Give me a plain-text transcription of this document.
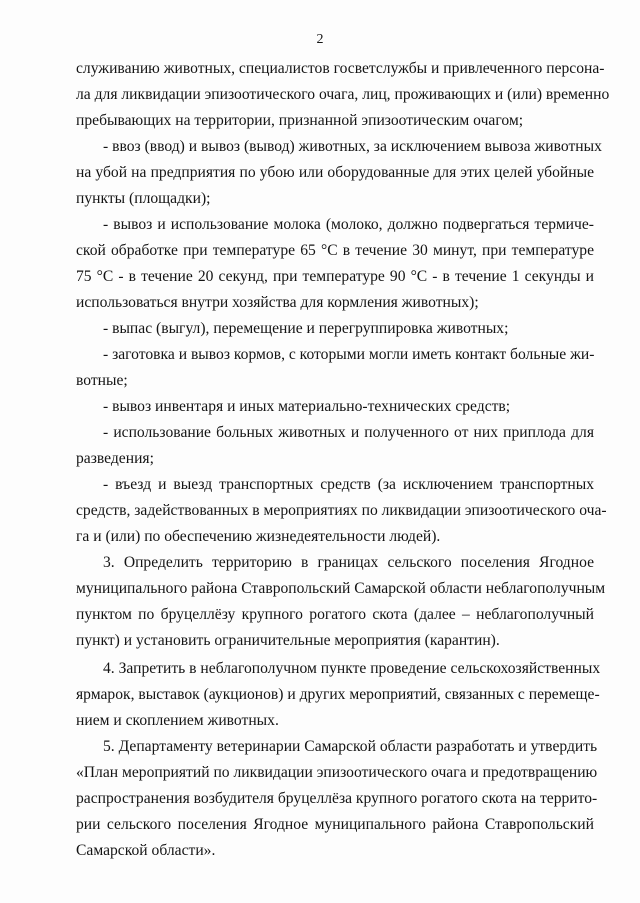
2
служиванию животных, специалистов госветслужбы и привлеченного персона-
ла для ликвидации эпизоотического очага, лиц, проживающих и (или) временно
пребывающих на территории, признанной эпизоотическим очагом;
- ввоз (ввод) и вывоз (вывод) животных, за исключением вывоза животных
на убой на предприятия по убою или оборудованные для этих целей убойные
пункты (площадки);
- вывоз и использование молока (молоко, должно подвергаться термиче-
ской обработке при температуре 65 °С в течение 30 минут, при температуре
75 °С - в течение 20 секунд, при температуре 90 °С - в течение 1 секунды и
использоваться внутри хозяйства для кормления животных);
- выпас (выгул), перемещение и перегруппировка животных;
- заготовка и вывоз кормов, с которыми могли иметь контакт больные жи-
вотные;
- вывоз инвентаря и иных материально-технических средств;
- использование больных животных и полученного от них приплода для
разведения;
- въезд и выезд транспортных средств (за исключением транспортных
средств, задействованных в мероприятиях по ликвидации эпизоотического оча-
га и (или) по обеспечению жизнедеятельности людей).
3. Определить территорию в границах сельского поселения Ягодное
муниципального района Ставропольский Самарской области неблагополучным
пунктом по бруцеллёзу крупного рогатого скота (далее – неблагополучный
пункт) и установить ограничительные мероприятия (карантин).
4. Запретить в неблагополучном пункте проведение сельскохозяйственных
ярмарок, выставок (аукционов) и других мероприятий, связанных с перемеще-
нием и скоплением животных.
5. Департаменту ветеринарии Самарской области разработать и утвердить
«План мероприятий по ликвидации эпизоотического очага и предотвращению
распространения возбудителя бруцеллёза крупного рогатого скота на террито-
рии сельского поселения Ягодное муниципального района Ставропольский
Самарской области».
